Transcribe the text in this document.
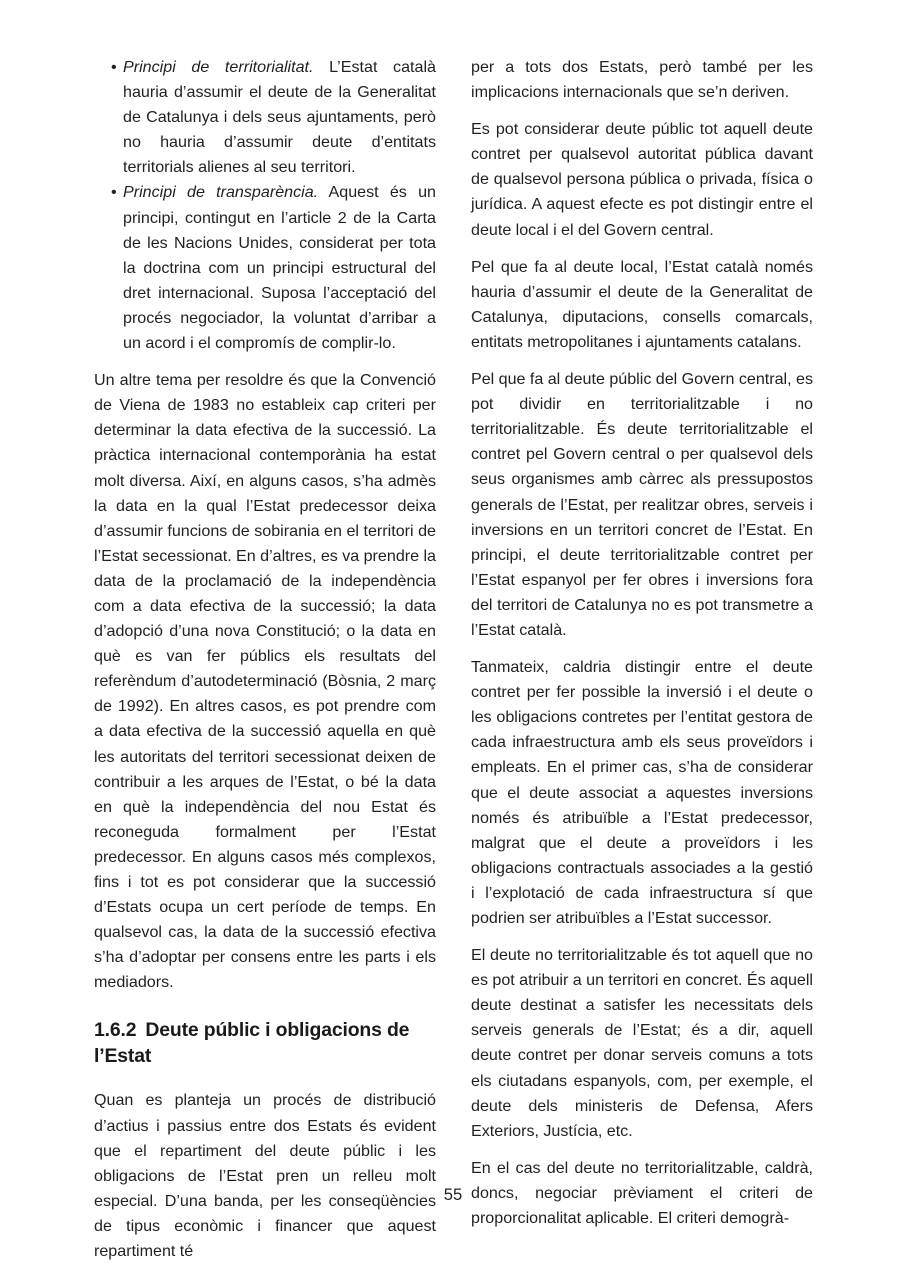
• Principi de territorialitat. L’Estat català hauria d’assumir el deute de la Generalitat de Catalunya i dels seus ajuntaments, però no hauria d’assumir deute d’entitats territorials alienes al seu territori.
• Principi de transparència. Aquest és un principi, contingut en l’article 2 de la Carta de les Nacions Unides, considerat per tota la doctrina com un principi estructural del dret internacional. Suposa l’acceptació del procés negociador, la voluntat d’arribar a un acord i el compromís de complir-lo.

Un altre tema per resoldre és que la Convenció de Viena de 1983 no estableix cap criteri per determinar la data efectiva de la successió. La pràctica internacional contemporània ha estat molt diversa. Així, en alguns casos, s’ha admès la data en la qual l’Estat predecessor deixa d’assumir funcions de sobirania en el territori de l’Estat secessionat. En d’altres, es va prendre la data de la proclamació de la independència com a data efectiva de la successió; la data d’adopció d’una nova Constitució; o la data en què es van fer públics els resultats del referèndum d’autodeterminació (Bòsnia, 2 març de 1992). En altres casos, es pot prendre com a data efectiva de la successió aquella en què les autoritats del territori secessionat deixen de contribuir a les arques de l’Estat, o bé la data en què la independència del nou Estat és reconeguda formalment per l’Estat predecessor. En alguns casos més complexos, fins i tot es pot considerar que la successió d’Estats ocupa un cert període de temps. En qualsevol cas, la data de la successió efectiva s’ha d’adoptar per consens entre les parts i els mediadors.

1.6.2 Deute públic i obligacions de l’Estat

Quan es planteja un procés de distribució d’actius i passius entre dos Estats és evident que el repartiment del deute públic i les obligacions de l’Estat pren un relleu molt especial. D’una banda, per les conseqüències de tipus econòmic i financer que aquest repartiment té

per a tots dos Estats, però també per les implicacions internacionals que se’n deriven.

Es pot considerar deute públic tot aquell deute contret per qualsevol autoritat pública davant de qualsevol persona pública o privada, física o jurídica. A aquest efecte es pot distingir entre el deute local i el del Govern central.

Pel que fa al deute local, l’Estat català només hauria d’assumir el deute de la Generalitat de Catalunya, diputacions, consells comarcals, entitats metropolitanes i ajuntaments catalans.

Pel que fa al deute públic del Govern central, es pot dividir en territorialitzable i no territorialitzable. És deute territorialitzable el contret pel Govern central o per qualsevol dels seus organismes amb càrrec als pressupostos generals de l’Estat, per realitzar obres, serveis i inversions en un territori concret de l’Estat. En principi, el deute territorialitzable contret per l’Estat espanyol per fer obres i inversions fora del territori de Catalunya no es pot transmetre a l’Estat català.

Tanmateix, caldria distingir entre el deute contret per fer possible la inversió i el deute o les obligacions contretes per l’entitat gestora de cada infraestructura amb els seus proveïdors i empleats. En el primer cas, s’ha de considerar que el deute associat a aquestes inversions només és atribuïble a l’Estat predecessor, malgrat que el deute a proveïdors i les obligacions contractuals associades a la gestió i l’explotació de cada infraestructura sí que podrien ser atribuïbles a l’Estat successor.

El deute no territorialitzable és tot aquell que no es pot atribuir a un territori en concret. És aquell deute destinat a satisfer les necessitats dels serveis generals de l’Estat; és a dir, aquell deute contret per donar serveis comuns a tots els ciutadans espanyols, com, per exemple, el deute dels ministeris de Defensa, Afers Exteriors, Justícia, etc.

En el cas del deute no territorialitzable, caldrà, doncs, negociar prèviament el criteri de proporcionalitat aplicable. El criteri demogrà-

55
